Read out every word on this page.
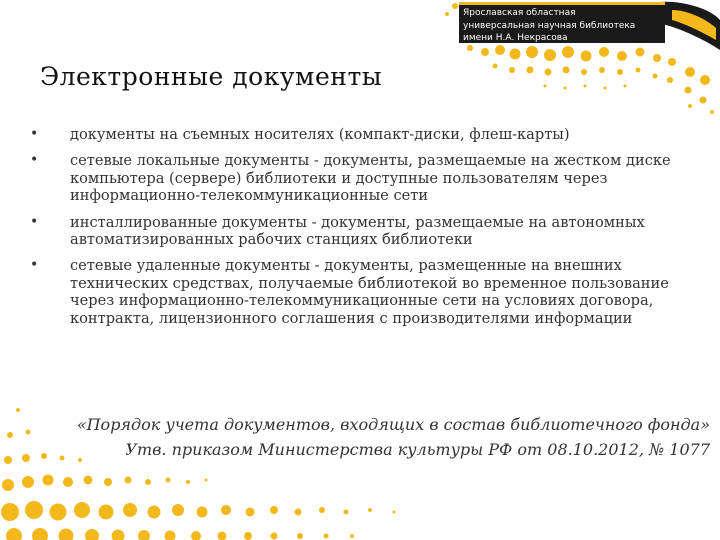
Ярославская областная
универсальная научная библиотека
имени Н.А. Некрасова
Электронные документы
• документы на съемных носителях (компакт-диски, флеш-карты)
• сетевые локальные документы - документы, размещаемые на жестком диске компьютера (сервере) библиотеки и доступные пользователям через информационно-телекоммуникационные сети
• инсталлированные документы - документы, размещаемые на автономных автоматизированных рабочих станциях библиотеки
• сетевые удаленные документы - документы, размещенные на внешних технических средствах, получаемые библиотекой во временное пользование через информационно-телекоммуникационные сети на условиях договора, контракта, лицензионного соглашения с производителями информации
«Порядок учета документов, входящих в состав библиотечного фонда»
Утв. приказом Министерства культуры РФ от 08.10.2012, № 1077
